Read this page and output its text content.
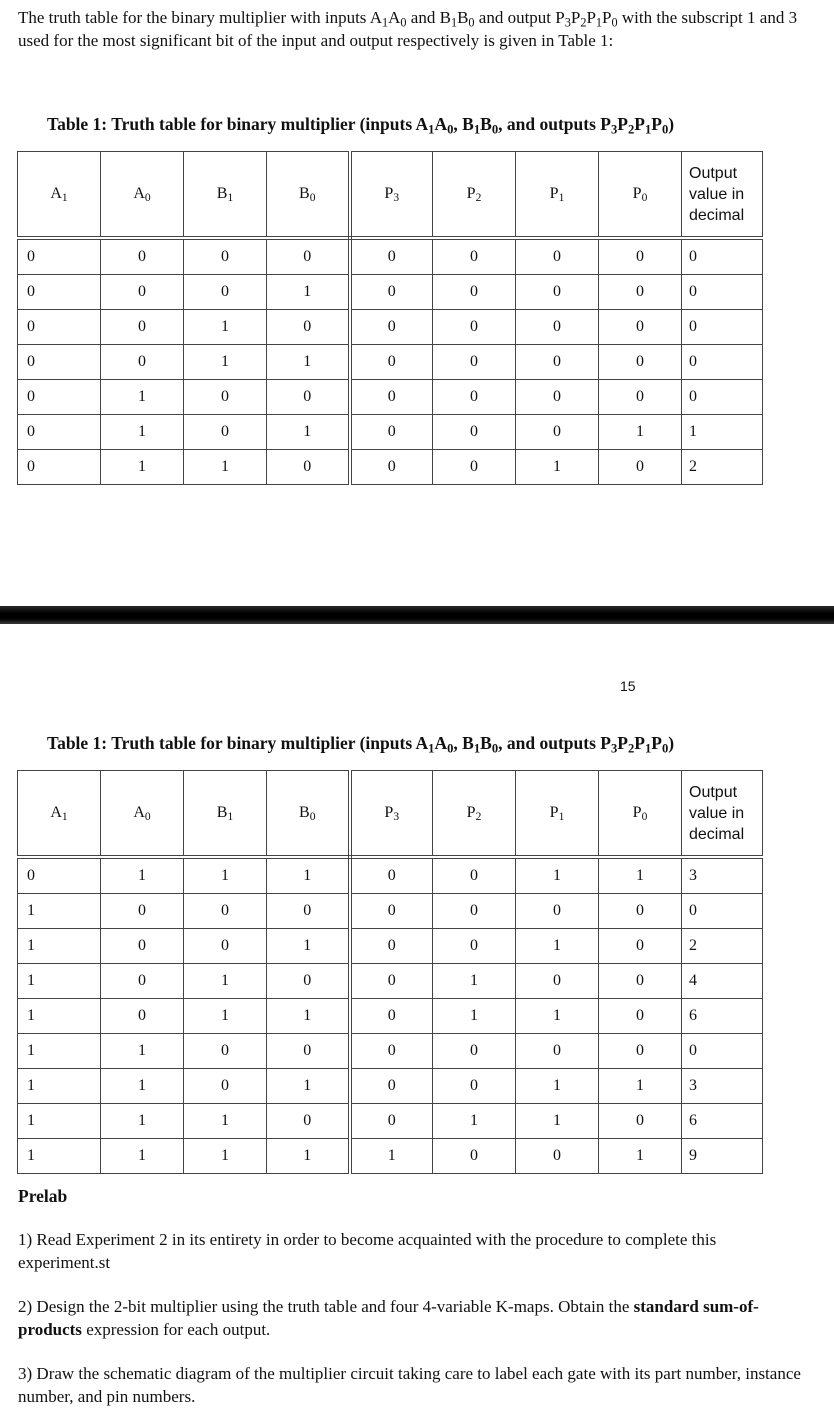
The truth table for the binary multiplier with inputs $A_1A_0$ and $B_1B_0$ and output $P_3P_2P_1P_0$ with the subscript 1 and 3 used for the most significant bit of the input and output respectively is given in Table 1:
Table 1: Truth table for binary multiplier (inputs $A_1A_0$, $B_1B_0$, and outputs $P_3P_2P_1P_0$)
$A_1$	$A_0$	$B_1$	$B_0$	$P_3$	$P_2$	$P_1$	$P_0$	Output value in decimal
0	0	0	0	0	0	0	0	0
0	0	0	1	0	0	0	0	0
0	0	1	0	0	0	0	0	0
0	0	1	1	0	0	0	0	0
0	1	0	0	0	0	0	0	0
0	1	0	1	0	0	0	1	1
0	1	1	0	0	0	1	0	2
15
Table 1: Truth table for binary multiplier (inputs $A_1A_0$, $B_1B_0$, and outputs $P_3P_2P_1P_0$)
$A_1$	$A_0$	$B_1$	$B_0$	$P_3$	$P_2$	$P_1$	$P_0$	Output value in decimal
0	1	1	1	0	0	1	1	3
1	0	0	0	0	0	0	0	0
1	0	0	1	0	0	1	0	2
1	0	1	0	0	1	0	0	4
1	0	1	1	0	1	1	0	6
1	1	0	0	0	0	0	0	0
1	1	0	1	0	0	1	1	3
1	1	1	0	0	1	1	0	6
1	1	1	1	1	0	0	1	9
Prelab
1) Read Experiment 2 in its entirety in order to become acquainted with the procedure to complete this experiment.st
2) Design the 2-bit multiplier using the truth table and four 4-variable K-maps. Obtain the standard sum-of-products expression for each output.
3) Draw the schematic diagram of the multiplier circuit taking care to label each gate with its part number, instance number, and pin numbers.
